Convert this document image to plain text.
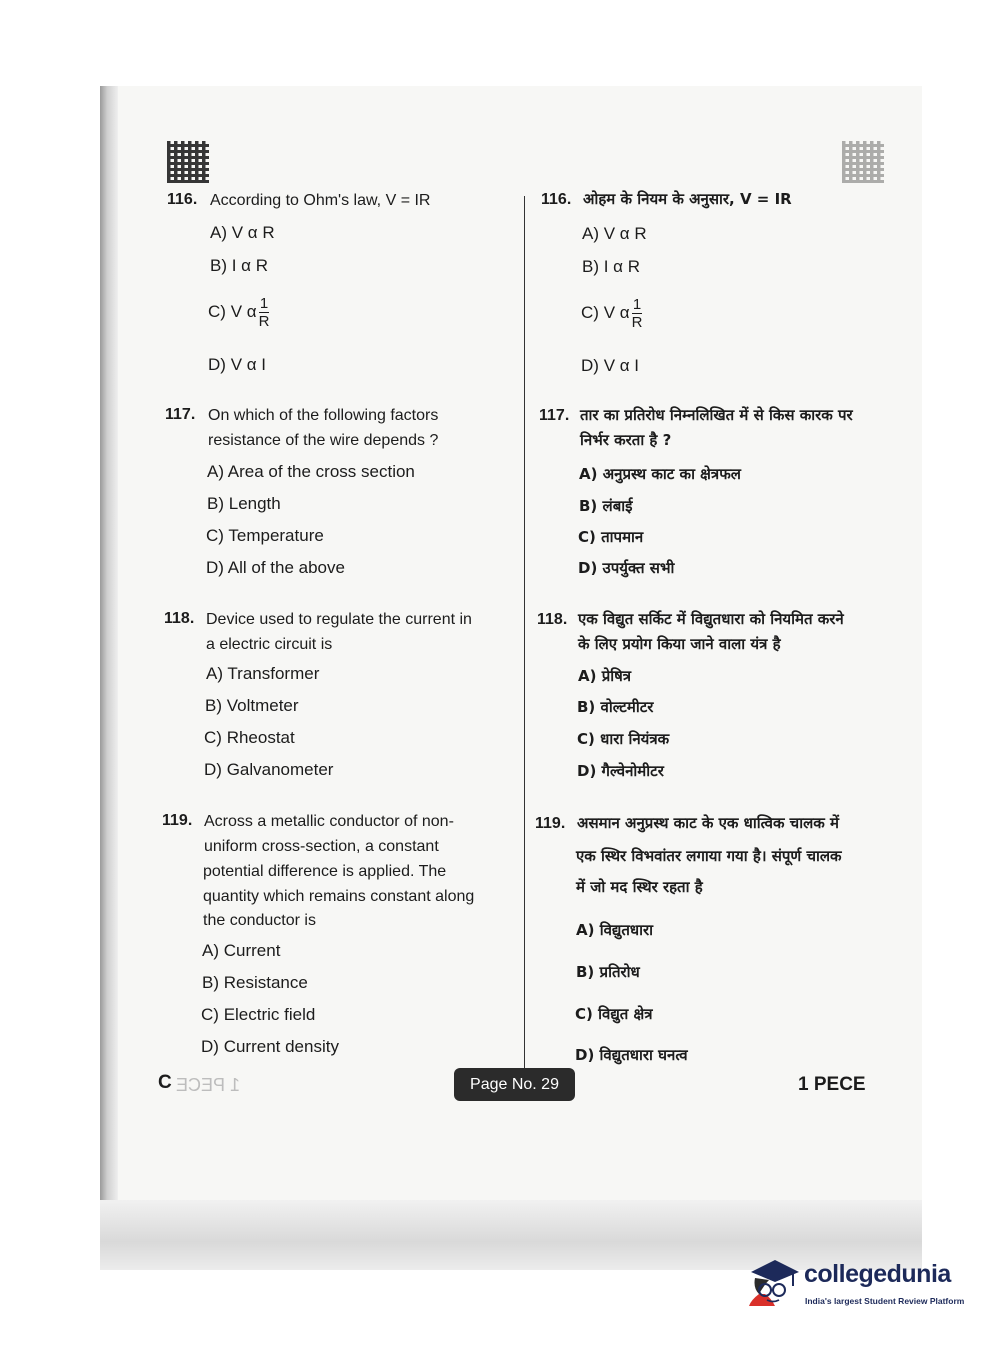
116. According to Ohm's law, V = IR
A) V α R
B) I α R
C) V α $\frac{1}{R}$
D) V α I
117. On which of the following factors
resistance of the wire depends ?
A) Area of the cross section
B) Length
C) Temperature
D) All of the above
118. Device used to regulate the current in
a electric circuit is
A) Transformer
B) Voltmeter
C) Rheostat
D) Galvanometer
119. Across a metallic conductor of non-
uniform cross-section, a constant
potential difference is applied. The
quantity which remains constant along
the conductor is
A) Current
B) Resistance
C) Electric field
D) Current density
116. ओहम के नियम के अनुसार, V = IR
A) V α R
B) I α R
C) V α $\frac{1}{R}$
D) V α I
117. तार का प्रतिरोध निम्नलिखित में से किस कारक पर
निर्भर करता है ?
A) अनुप्रस्थ काट का क्षेत्रफल
B) लंबाई
C) तापमान
D) उपर्युक्त सभी
118. एक विद्युत सर्किट में विद्युतधारा को नियमित करने
के लिए प्रयोग किया जाने वाला यंत्र है
A) प्रेषित्र
B) वोल्टमीटर
C) धारा नियंत्रक
D) गैल्वेनोमीटर
119. असमान अनुप्रस्थ काट के एक धात्विक चालक में
एक स्थिर विभवांतर लगाया गया है। संपूर्ण चालक
में जो मद स्थिर रहता है
A) विद्युतधारा
B) प्रतिरोध
C) विद्युत क्षेत्र
D) विद्युतधारा घनत्व
C 1 PECE	Page No. 29	1 PECE
collegedunia
India's largest Student Review Platform
